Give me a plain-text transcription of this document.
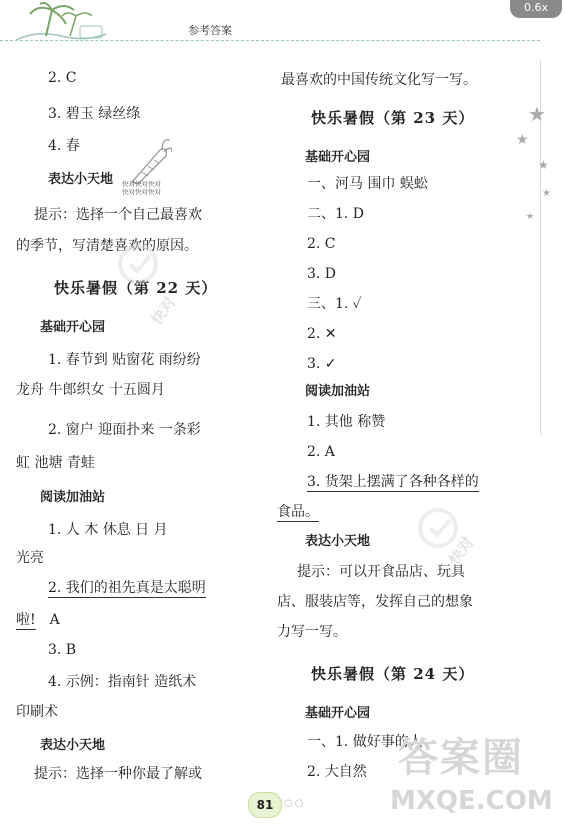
参考答案
0.6x
2. C
3. 碧玉 绿丝绦
4. 春
表达小天地 快对快对快对
快对快对快对
提示：选择一个自己最喜欢
的季节，写清楚喜欢的原因。
快乐暑假（第 22 天）
基础开心园
1. 春节到 贴窗花 雨纷纷
龙舟 牛郎织女 十五圆月
2. 窗户 迎面扑来 一条彩
虹 池塘 青蛙
阅读加油站
1. 人 木 休息 日 月
光亮
2. 我们的祖先真是太聪明
啦! A
3. B
4. 示例：指南针 造纸术
印刷术
表达小天地
提示：选择一种你最了解或
最喜欢的中国传统文化写一写。
快乐暑假（第 23 天）
基础开心园
一、河马 围巾 蜈蚣
二、1. D
2. C
3. D
三、1. ✓
2. ✕
3. ✓
阅读加油站
1. 其他 称赞
2. A
3. 货架上摆满了各种各样的
食品。
表达小天地
提示：可以开食品店、玩具
店、服装店等，发挥自己的想象
力写一写。
快乐暑假（第 24 天）
基础开心园
一、1. 做好事的人
2. 大自然
★
★
★
★
★
快对
快对
答案圈
MXQE.COM
81	○○
